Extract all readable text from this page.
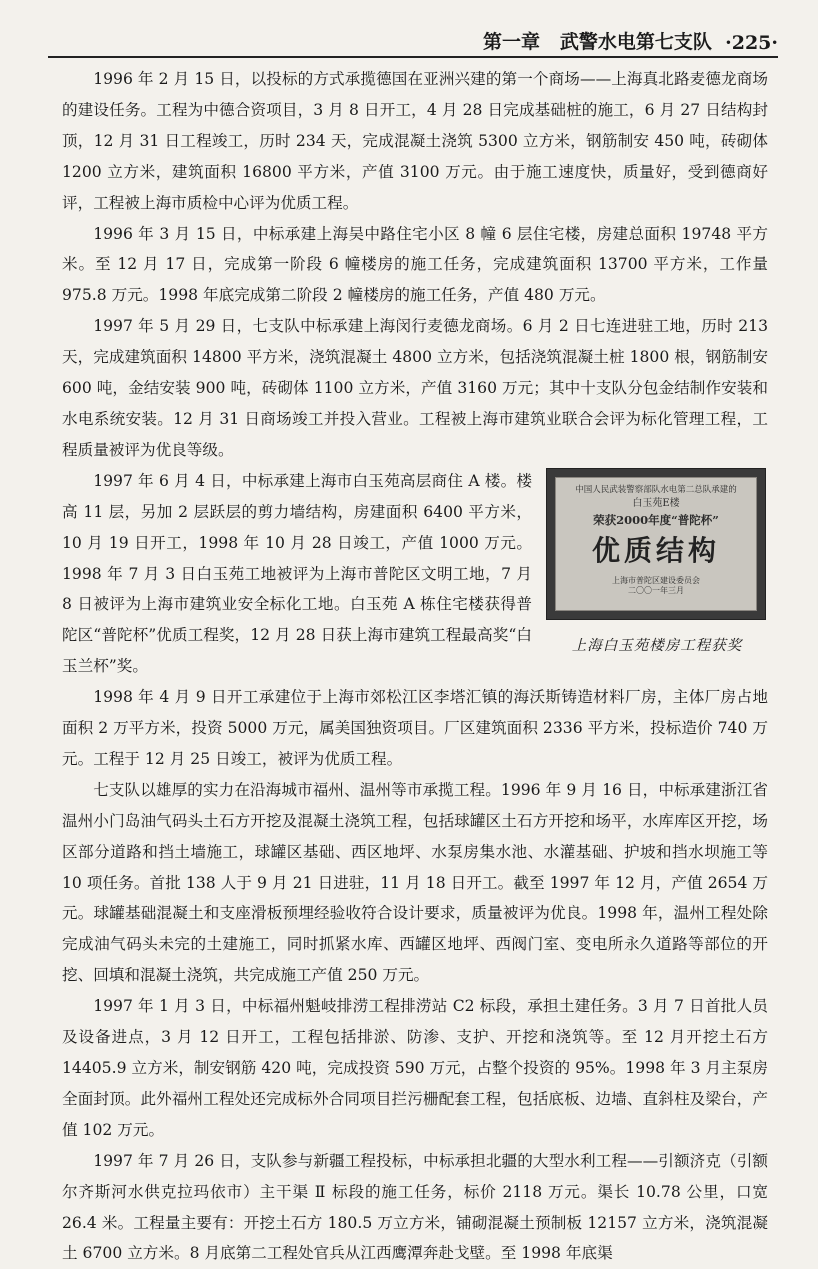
第一章
武警水电第七支队
·225·

1996 年 2 月 15 日，以投标的方式承揽德国在亚洲兴建的第一个商场——上海真北路麦德龙商场的建设任务。工程为中德合资项目，3 月 8 日开工，4 月 28 日完成基础桩的施工，6 月 27 日结构封顶，12 月 31 日工程竣工，历时 234 天，完成混凝土浇筑 5300 立方米，钢筋制安 450 吨，砖砌体 1200 立方米，建筑面积 16800 平方米，产值 3100 万元。由于施工速度快，质量好，受到德商好评，工程被上海市质检中心评为优质工程。

1996 年 3 月 15 日，中标承建上海吴中路住宅小区 8 幢 6 层住宅楼，房建总面积 19748 平方米。至 12 月 17 日，完成第一阶段 6 幢楼房的施工任务，完成建筑面积 13700 平方米，工作量 975.8 万元。1998 年底完成第二阶段 2 幢楼房的施工任务，产值 480 万元。

1997 年 5 月 29 日，七支队中标承建上海闵行麦德龙商场。6 月 2 日七连进驻工地，历时 213 天，完成建筑面积 14800 平方米，浇筑混凝土 4800 立方米，包括浇筑混凝土桩 1800 根，钢筋制安 600 吨，金结安装 900 吨，砖砌体 1100 立方米，产值 3160 万元；其中十支队分包金结制作安装和水电系统安装。12 月 31 日商场竣工并投入营业。工程被上海市建筑业联合会评为标化管理工程，工程质量被评为优良等级。

中国人民武装警察部队水电第二总队承建的
白玉苑E楼
荣获2000年度“普陀杯”
优质结构
上海市普陀区建设委员会
二〇〇一年三月
上海白玉苑楼房工程获奖

1997 年 6 月 4 日，中标承建上海市白玉苑高层商住 A 楼。楼高 11 层，另加 2 层跃层的剪力墙结构，房建面积 6400 平方米，10 月 19 日开工，1998 年 10 月 28 日竣工，产值 1000 万元。1998 年 7 月 3 日白玉苑工地被评为上海市普陀区文明工地，7 月 8 日被评为上海市建筑业安全标化工地。白玉苑 A 栋住宅楼获得普陀区“普陀杯”优质工程奖，12 月 28 日获上海市建筑工程最高奖“白玉兰杯”奖。

1998 年 4 月 9 日开工承建位于上海市郊松江区李塔汇镇的海沃斯铸造材料厂房，主体厂房占地面积 2 万平方米，投资 5000 万元，属美国独资项目。厂区建筑面积 2336 平方米，投标造价 740 万元。工程于 12 月 25 日竣工，被评为优质工程。

七支队以雄厚的实力在沿海城市福州、温州等市承揽工程。1996 年 9 月 16 日，中标承建浙江省温州小门岛油气码头土石方开挖及混凝土浇筑工程，包括球罐区土石方开挖和场平，水库库区开挖，场区部分道路和挡土墙施工，球罐区基础、西区地坪、水泵房集水池、水灌基础、护坡和挡水坝施工等 10 项任务。首批 138 人于 9 月 21 日进驻，11 月 18 日开工。截至 1997 年 12 月，产值 2654 万元。球罐基础混凝土和支座滑板预埋经验收符合设计要求，质量被评为优良。1998 年，温州工程处除完成油气码头未完的土建施工，同时抓紧水库、西罐区地坪、西阀门室、变电所永久道路等部位的开挖、回填和混凝土浇筑，共完成施工产值 250 万元。

1997 年 1 月 3 日，中标福州魁岐排涝工程排涝站 C2 标段，承担土建任务。3 月 7 日首批人员及设备进点，3 月 12 日开工，工程包括排淤、防渗、支护、开挖和浇筑等。至 12 月开挖土石方 14405.9 立方米，制安钢筋 420 吨，完成投资 590 万元，占整个投资的 95%。1998 年 3 月主泵房全面封顶。此外福州工程处还完成标外合同项目拦污栅配套工程，包括底板、边墙、直斜柱及梁台，产值 102 万元。

1997 年 7 月 26 日，支队参与新疆工程投标，中标承担北疆的大型水利工程——引额济克（引额尔齐斯河水供克拉玛依市）主干渠 Ⅱ 标段的施工任务，标价 2118 万元。渠长 10.78 公里，口宽 26.4 米。工程量主要有：开挖土石方 180.5 万立方米，铺砌混凝土预制板 12157 立方米，浇筑混凝土 6700 立方米。8 月底第二工程处官兵从江西鹰潭奔赴戈壁。至 1998 年底渠
